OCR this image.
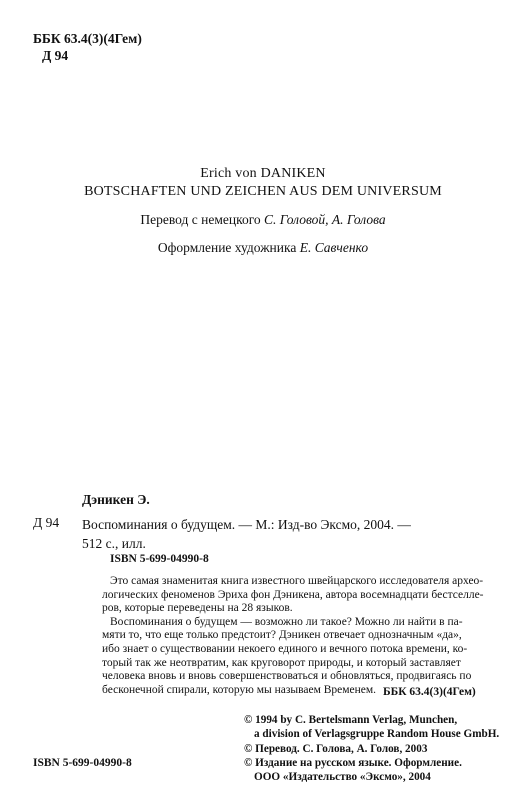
ББК 63.4(3)(4Гем)
Д 94
Erich von DANIKEN
BOTSCHAFTEN UND ZEICHEN AUS DEM UNIVERSUM
Перевод с немецкого С. Головой, А. Голова
Оформление художника Е. Савченко
Дэникен Э.
Д 94 Воспоминания о будущем. — М.: Изд-во Эксмо, 2004. —
512 с., илл.
ISBN 5-699-04990-8
Это самая знаменитая книга известного швейцарского исследователя архео-
логических феноменов Эриха фон Дэникена, автора восемнадцати бестселле-
ров, которые переведены на 28 языков.
Воспоминания о будущем — возможно ли такое? Можно ли найти в па-
мяти то, что еще только предстоит? Дэникен отвечает однозначным «да»,
ибо знает о существовании некоего единого и вечного потока времени, ко-
торый так же неотвратим, как круговорот природы, и который заставляет
человека вновь и вновь совершенствоваться и обновляться, продвигаясь по
бесконечной спирали, которую мы называем Временем. ББК 63.4(3)(4Гем)
© 1994 by C. Bertelsmann Verlag, Munchen,
a division of Verlagsgruppe Random House GmbH.
© Перевод. С. Голова, А. Голов, 2003
© Издание на русском языке. Оформление.
ООО «Издательство «Эксмо», 2004
ISBN 5-699-04990-8
